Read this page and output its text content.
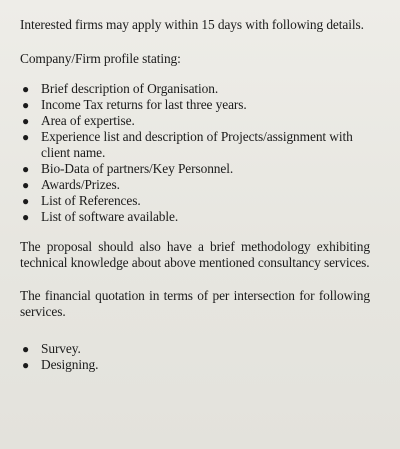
Interested firms may apply within 15 days with following details.

Company/Firm profile stating:

● Brief description of Organisation.
● Income Tax returns for last three years.
● Area of expertise.
● Experience list and description of Projects/assignment with client name.
● Bio-Data of partners/Key Personnel.
● Awards/Prizes.
● List of References.
● List of software available.

The proposal should also have a brief methodology exhibiting technical knowledge about above mentioned consultancy services.

The financial quotation in terms of per intersection for following services.

● Survey.
● Designing.
